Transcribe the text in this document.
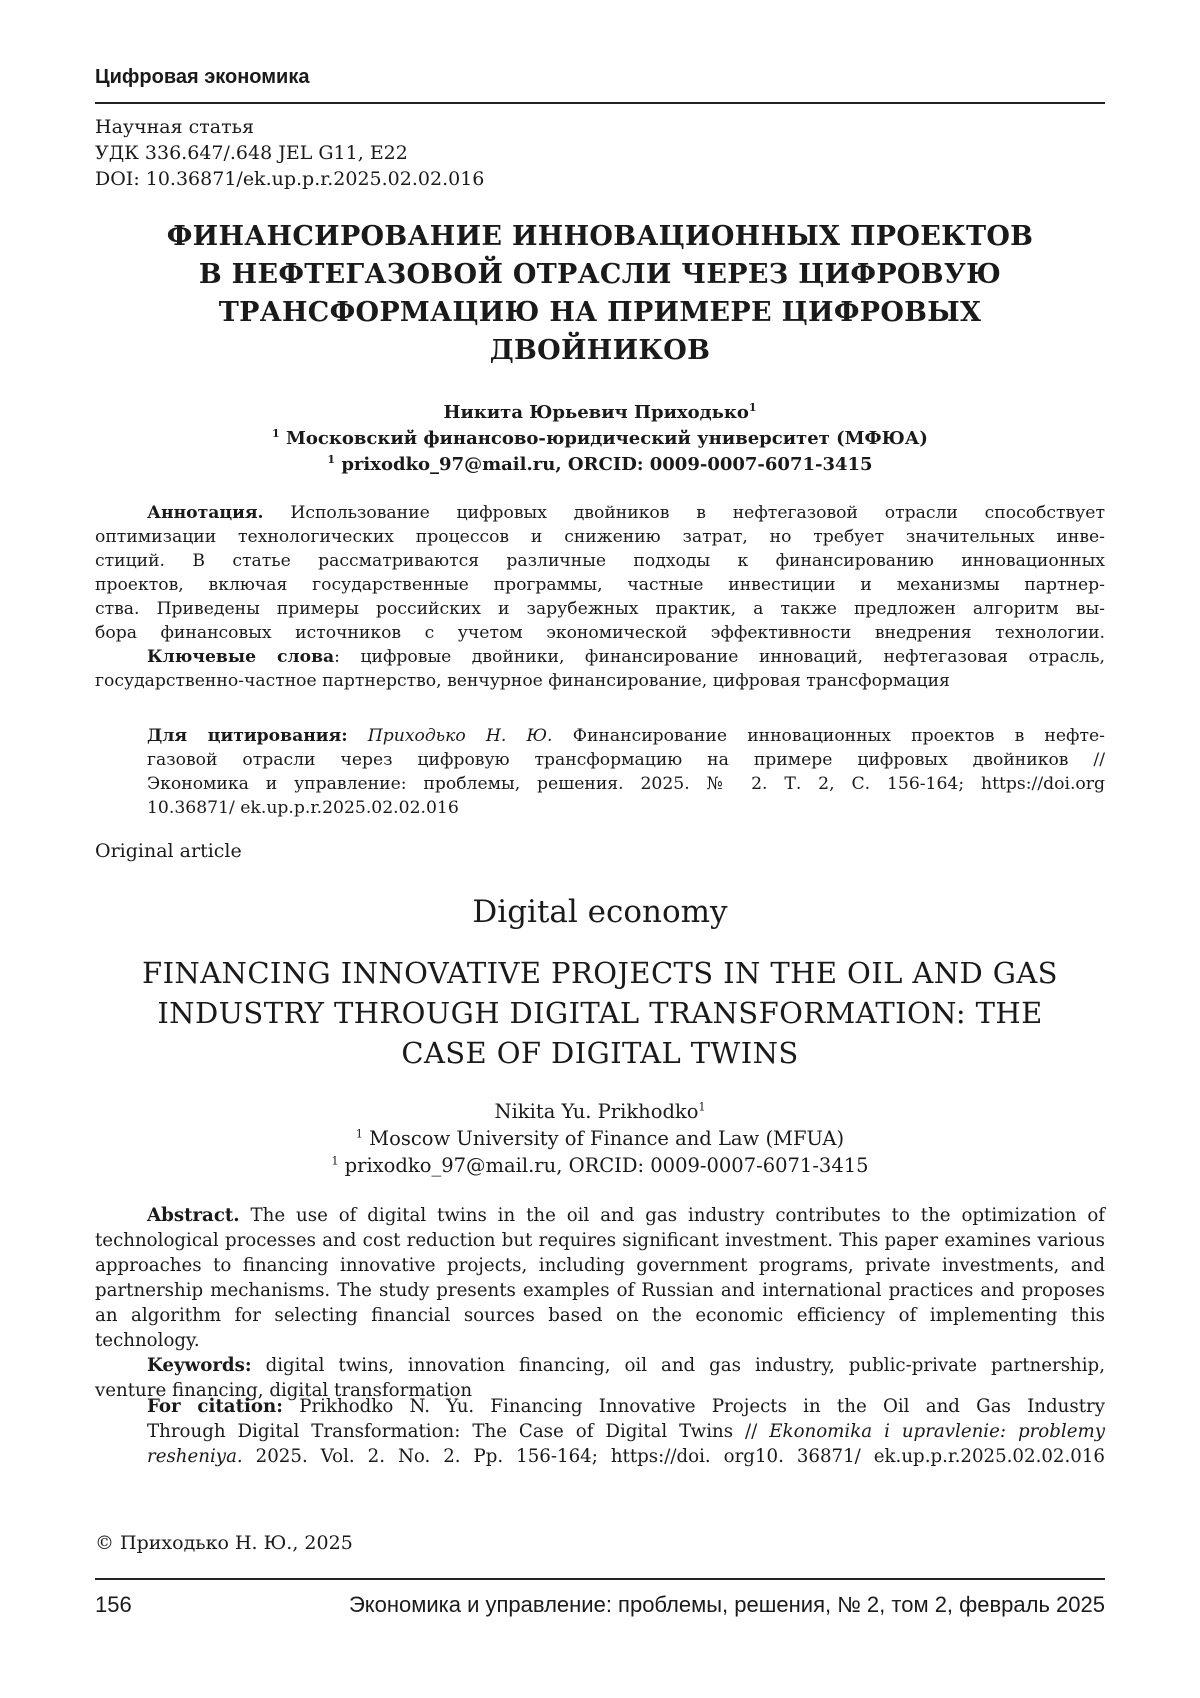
Цифровая экономика
Научная статья
УДК 336.647/.648 JEL G11, E22
DOI: 10.36871/ek.up.p.r.2025.02.02.016
ФИНАНСИРОВАНИЕ ИННОВАЦИОННЫХ ПРОЕКТОВ
В НЕФТЕГАЗОВОЙ ОТРАСЛИ ЧЕРЕЗ ЦИФРОВУЮ
ТРАНСФОРМАЦИЮ НА ПРИМЕРЕ ЦИФРОВЫХ
ДВОЙНИКОВ
Никита Юрьевич Приходько$^1$
$^1$ Московский финансово-юридический университет (МФЮА)
$^1$ prixodko_97@mail.ru, ORCID: 0009-0007-6071-3415
Аннотация. Использование цифровых двойников в нефтегазовой отрасли способствует
оптимизации технологических процессов и снижению затрат, но требует значительных инве-
стиций. В статье рассматриваются различные подходы к финансированию инновационных
проектов, включая государственные программы, частные инвестиции и механизмы партнер-
ства. Приведены примеры российских и зарубежных практик, а также предложен алгоритм вы-
бора финансовых источников с учетом экономической эффективности внедрения технологии.
Ключевые слова: цифровые двойники, финансирование инноваций, нефтегазовая отрасль,
государственно-частное партнерство, венчурное финансирование, цифровая трансформация
Для цитирования: Приходько Н. Ю. Финансирование инновационных проектов в нефте-
газовой отрасли через цифровую трансформацию на примере цифровых двойников //
Экономика и управление: проблемы, решения. 2025. № 2. Т. 2, С. 156-164; https://doi.org
10.36871/ ek.up.p.r.2025.02.02.016
Original article
Digital economy
FINANCING INNOVATIVE PROJECTS IN THE OIL AND GAS
INDUSTRY THROUGH DIGITAL TRANSFORMATION: THE
CASE OF DIGITAL TWINS
Nikita Yu. Prikhodko$^1$
$^1$ Moscow University of Finance and Law (MFUA)
$^1$ prixodko_97@mail.ru, ORCID: 0009-0007-6071-3415
Abstract. The use of digital twins in the oil and gas industry contributes to the optimization of
technological processes and cost reduction but requires significant investment. This paper examines various
approaches to financing innovative projects, including government programs, private investments, and
partnership mechanisms. The study presents examples of Russian and international practices and proposes
an algorithm for selecting financial sources based on the economic efficiency of implementing this technology.
Keywords: digital twins, innovation financing, oil and gas industry, public-private partnership,
venture financing, digital transformation
For citation: Prikhodko N. Yu. Financing Innovative Projects in the Oil and Gas Industry
Through Digital Transformation: The Case of Digital Twins // Ekonomika i upravlenie: problemy
resheniya. 2025. Vol. 2. No. 2. Pp. 156-164; https://doi. org10. 36871/ ek.up.p.r.2025.02.02.016
© Приходько Н. Ю., 2025
156	Экономика и управление: проблемы, решения, № 2, том 2, февраль 2025
